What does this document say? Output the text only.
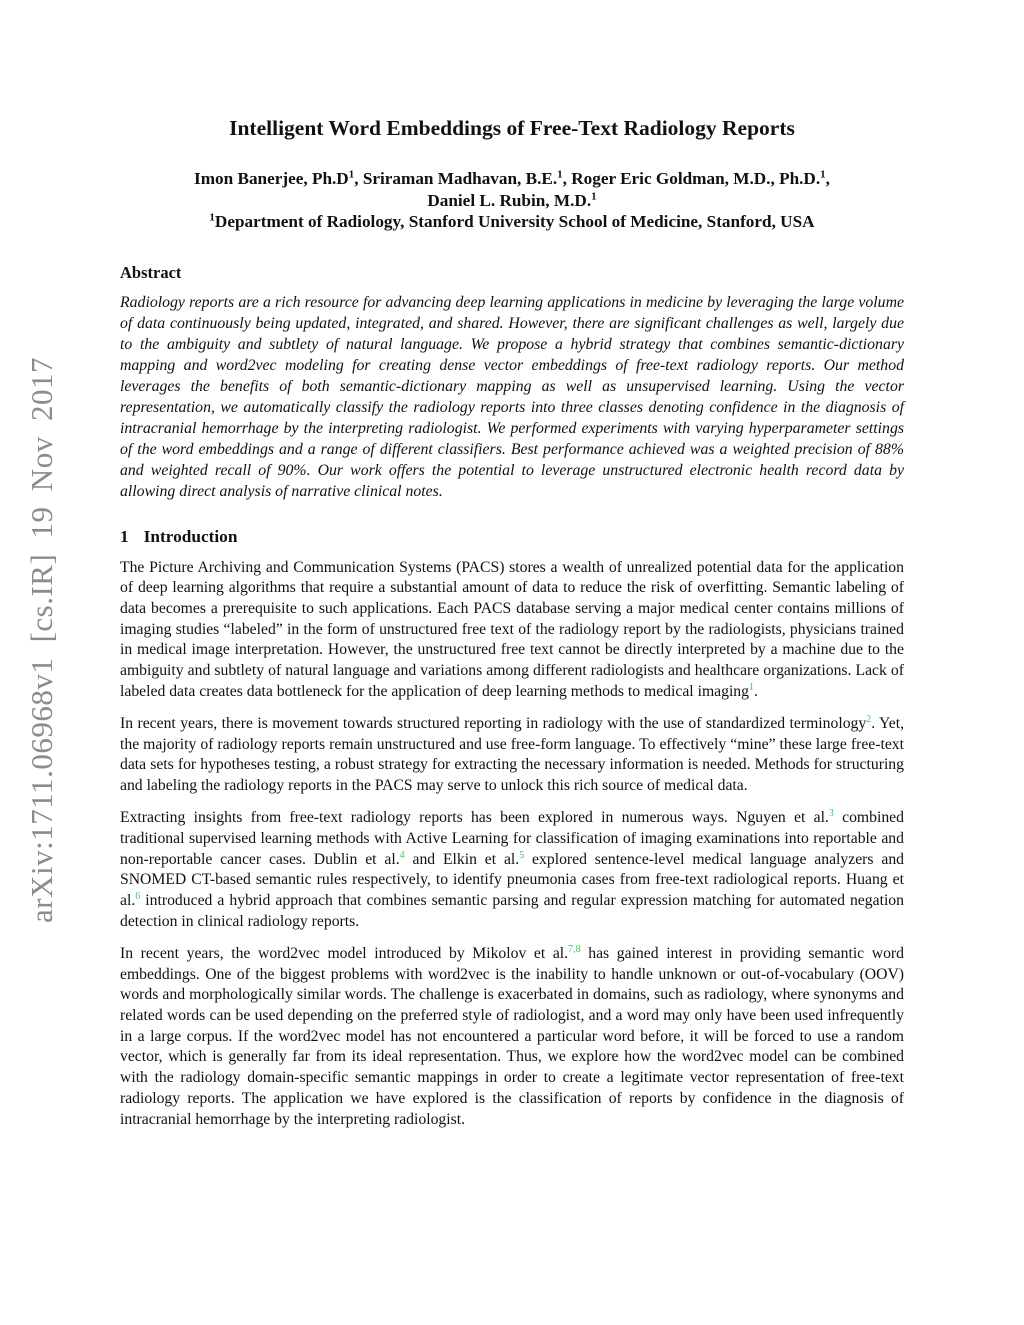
arXiv:1711.06968v1 [cs.IR] 19 Nov 2017
Intelligent Word Embeddings of Free-Text Radiology Reports
Imon Banerjee, $Ph.D^1$, Sriraman Madhavan, B.E.$^1$, Roger Eric Goldman, M.D., Ph.D.$^1$,
Daniel L. Rubin, M.D.$^1$
$^1$Department of Radiology, Stanford University School of Medicine, Stanford, USA
Abstract

Radiology reports are a rich resource for advancing deep learning applications in medicine by leveraging the large volume of data continuously being updated, integrated, and shared. However, there are significant challenges as well, largely due to the ambiguity and subtlety of natural language. We propose a hybrid strategy that combines semantic-dictionary mapping and word2vec modeling for creating dense vector embeddings of free-text radiology reports. Our method leverages the benefits of both semantic-dictionary mapping as well as unsupervised learning. Using the vector representation, we automatically classify the radiology reports into three classes denoting confidence in the diagnosis of intracranial hemorrhage by the interpreting radiologist. We performed experiments with varying hyperparameter settings of the word embeddings and a range of different classifiers. Best performance achieved was a weighted precision of 88% and weighted recall of 90%. Our work offers the potential to leverage unstructured electronic health record data by allowing direct analysis of narrative clinical notes.

1 Introduction

The Picture Archiving and Communication Systems (PACS) stores a wealth of unrealized potential data for the application of deep learning algorithms that require a substantial amount of data to reduce the risk of overfitting. Semantic labeling of data becomes a prerequisite to such applications. Each PACS database serving a major medical center contains millions of imaging studies “labeled” in the form of unstructured free text of the radiology report by the radiologists, physicians trained in medical image interpretation. However, the unstructured free text cannot be directly interpreted by a machine due to the ambiguity and subtlety of natural language and variations among different radiologists and healthcare organizations. Lack of labeled data creates data bottleneck for the application of deep learning methods to medical imaging$^1$.

In recent years, there is movement towards structured reporting in radiology with the use of standardized terminology$^2$. Yet, the majority of radiology reports remain unstructured and use free-form language. To effectively “mine” these large free-text data sets for hypotheses testing, a robust strategy for extracting the necessary information is needed. Methods for structuring and labeling the radiology reports in the PACS may serve to unlock this rich source of medical data.

Extracting insights from free-text radiology reports has been explored in numerous ways. Nguyen et al.$^3$ combined traditional supervised learning methods with Active Learning for classification of imaging examinations into reportable and non-reportable cancer cases. Dublin et al.$^4$ and Elkin et al.$^5$ explored sentence-level medical language analyzers and SNOMED CT-based semantic rules respectively, to identify pneumonia cases from free-text radiological reports. Huang et al.$^6$ introduced a hybrid approach that combines semantic parsing and regular expression matching for automated negation detection in clinical radiology reports.

In recent years, the word2vec model introduced by Mikolov et al.$^{7,8}$ has gained interest in providing semantic word embeddings. One of the biggest problems with word2vec is the inability to handle unknown or out-of-vocabulary (OOV) words and morphologically similar words. The challenge is exacerbated in domains, such as radiology, where synonyms and related words can be used depending on the preferred style of radiologist, and a word may only have been used infrequently in a large corpus. If the word2vec model has not encountered a particular word before, it will be forced to use a random vector, which is generally far from its ideal representation. Thus, we explore how the word2vec model can be combined with the radiology domain-specific semantic mappings in order to create a legitimate vector representation of free-text radiology reports. The application we have explored is the classification of reports by confidence in the diagnosis of intracranial hemorrhage by the interpreting radiologist.
